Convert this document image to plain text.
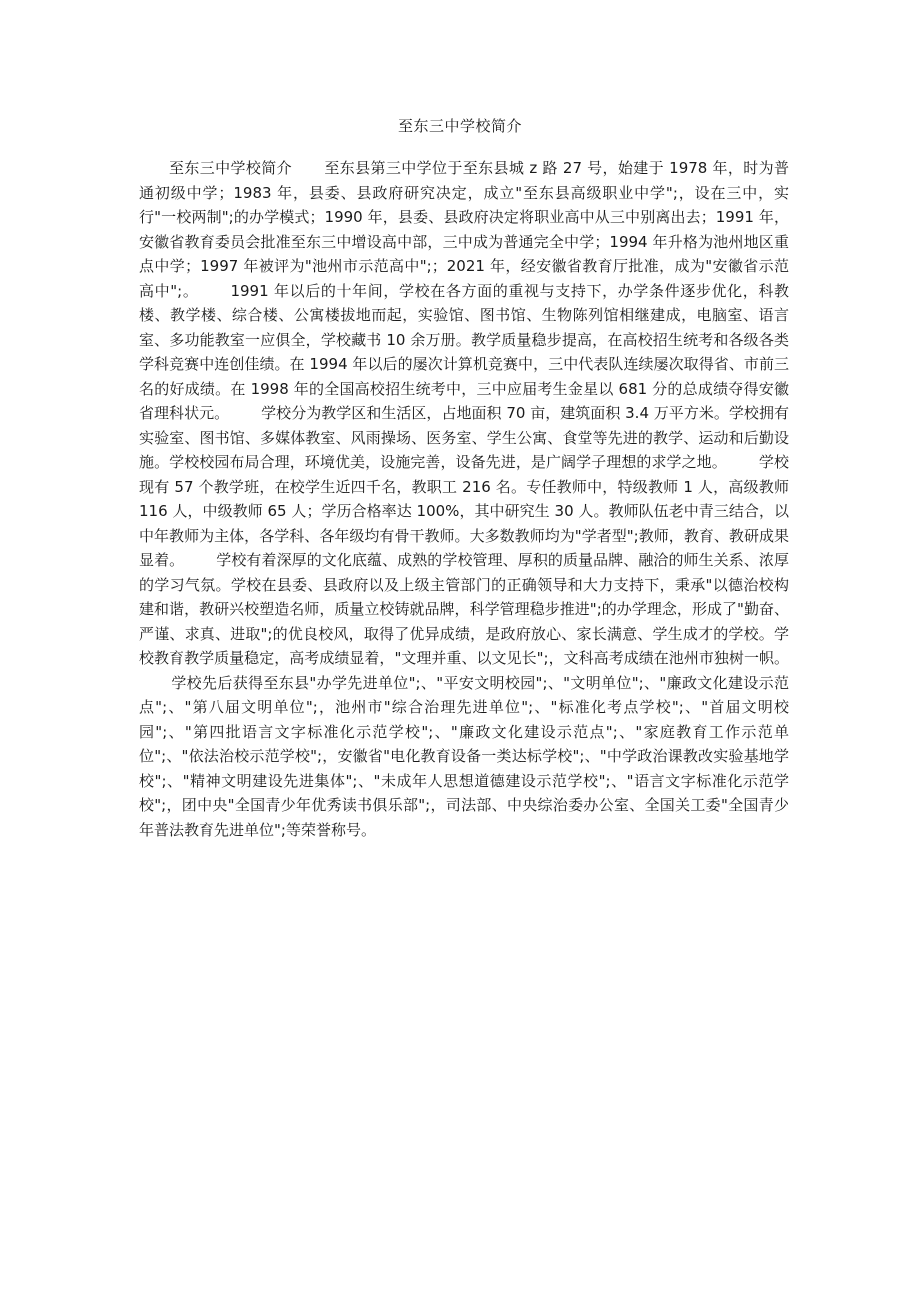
至东三中学校简介

至东三中学校简介 至东县第三中学位于至东县城 z 路 27 号，始建于 1978 年，时为普通初级中学；1983 年，县委、县政府研究决定，成立"至东县高级职业中学";，设在三中，实行"一校两制";的办学模式；1990 年，县委、县政府决定将职业高中从三中别离出去；1991 年，安徽省教育委员会批准至东三中增设高中部，三中成为普通完全中学；1994 年升格为池州地区重点中学；1997 年被评为"池州市示范高中";；2021 年，经安徽省教育厅批准，成为"安徽省示范高中";。 1991 年以后的十年间，学校在各方面的重视与支持下，办学条件逐步优化，科教楼、教学楼、综合楼、公寓楼拔地而起，实验馆、图书馆、生物陈列馆相继建成，电脑室、语言室、多功能教室一应俱全，学校藏书 10 余万册。教学质量稳步提高，在高校招生统考和各级各类学科竞赛中连创佳绩。在 1994 年以后的屡次计算机竞赛中，三中代表队连续屡次取得省、市前三名的好成绩。在 1998 年的全国高校招生统考中，三中应届考生金星以 681 分的总成绩夺得安徽省理科状元。 学校分为教学区和生活区，占地面积 70 亩，建筑面积 3.4 万平方米。学校拥有实验室、图书馆、多媒体教室、风雨操场、医务室、学生公寓、食堂等先进的教学、运动和后勤设施。学校校园布局合理，环境优美，设施完善，设备先进，是广阔学子理想的求学之地。 学校现有 57 个教学班，在校学生近四千名，教职工 216 名。专任教师中，特级教师 1 人，高级教师 116 人，中级教师 65 人；学历合格率达 100%，其中研究生 30 人。教师队伍老中青三结合，以中年教师为主体，各学科、各年级均有骨干教师。大多数教师均为"学者型";教师，教育、教研成果显着。 学校有着深厚的文化底蕴、成熟的学校管理、厚积的质量品牌、融洽的师生关系、浓厚的学习气氛。学校在县委、县政府以及上级主管部门的正确领导和大力支持下，秉承"以德治校构建和谐，教研兴校塑造名师，质量立校铸就品牌，科学管理稳步推进";的办学理念，形成了"勤奋、严谨、求真、进取";的优良校风，取得了优异成绩，是政府放心、家长满意、学生成才的学校。学校教育教学质量稳定，高考成绩显着，"文理并重、以文见长";，文科高考成绩在池州市独树一帜。学校先后获得至东县"办学先进单位";、"平安文明校园";、"文明单位";、"廉政文化建设示范点";、"第八届文明单位";，池州市"综合治理先进单位";、"标准化考点学校";、"首届文明校园";、"第四批语言文字标准化示范学校";、"廉政文化建设示范点";、"家庭教育工作示范单位";、"依法治校示范学校";，安徽省"电化教育设备一类达标学校";、"中学政治课教改实验基地学校";、"精神文明建设先进集体";、"未成年人思想道德建设示范学校";、"语言文字标准化示范学校";，团中央"全国青少年优秀读书俱乐部";，司法部、中央综治委办公室、全国关工委"全国青少年普法教育先进单位";等荣誉称号。
